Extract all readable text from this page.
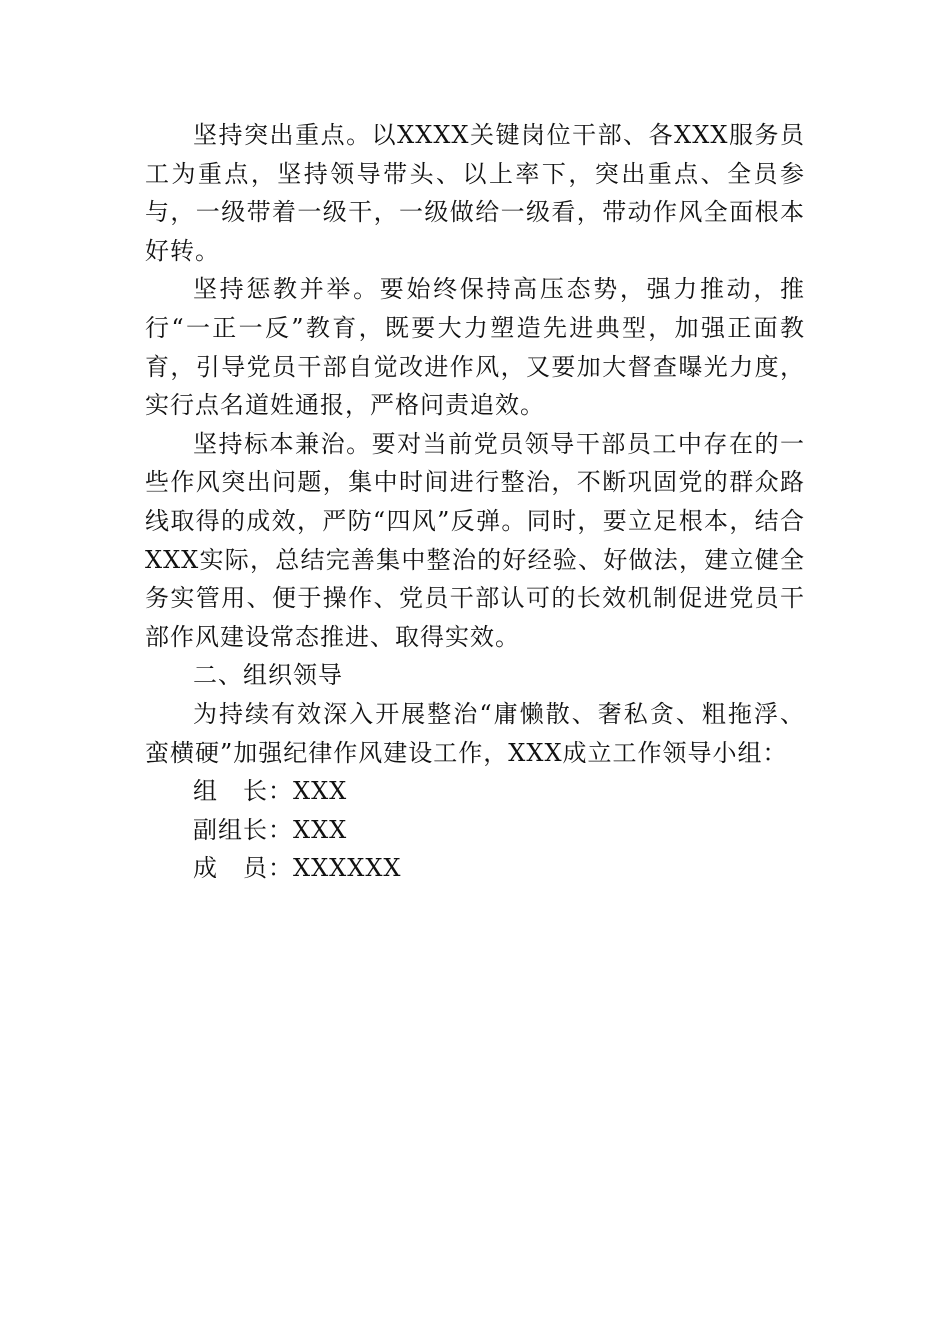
坚持突出重点。以XXXX关键岗位干部、各XXX服务员工为重点，坚持领导带头、以上率下，突出重点、全员参与，一级带着一级干，一级做给一级看，带动作风全面根本好转。

坚持惩教并举。要始终保持高压态势，强力推动，推行“一正一反”教育，既要大力塑造先进典型，加强正面教育，引导党员干部自觉改进作风，又要加大督查曝光力度，实行点名道姓通报，严格问责追效。

坚持标本兼治。要对当前党员领导干部员工中存在的一些作风突出问题，集中时间进行整治，不断巩固党的群众路线取得的成效，严防“四风”反弹。同时，要立足根本，结合XXX实际，总结完善集中整治的好经验、好做法，建立健全务实管用、便于操作、党员干部认可的长效机制促进党员干部作风建设常态推进、取得实效。

二、组织领导

为持续有效深入开展整治“庸懒散、奢私贪、粗拖浮、蛮横硬”加强纪律作风建设工作，XXX成立工作领导小组：

组　长：XXX

副组长：XXX

成　员：XXXXXX
